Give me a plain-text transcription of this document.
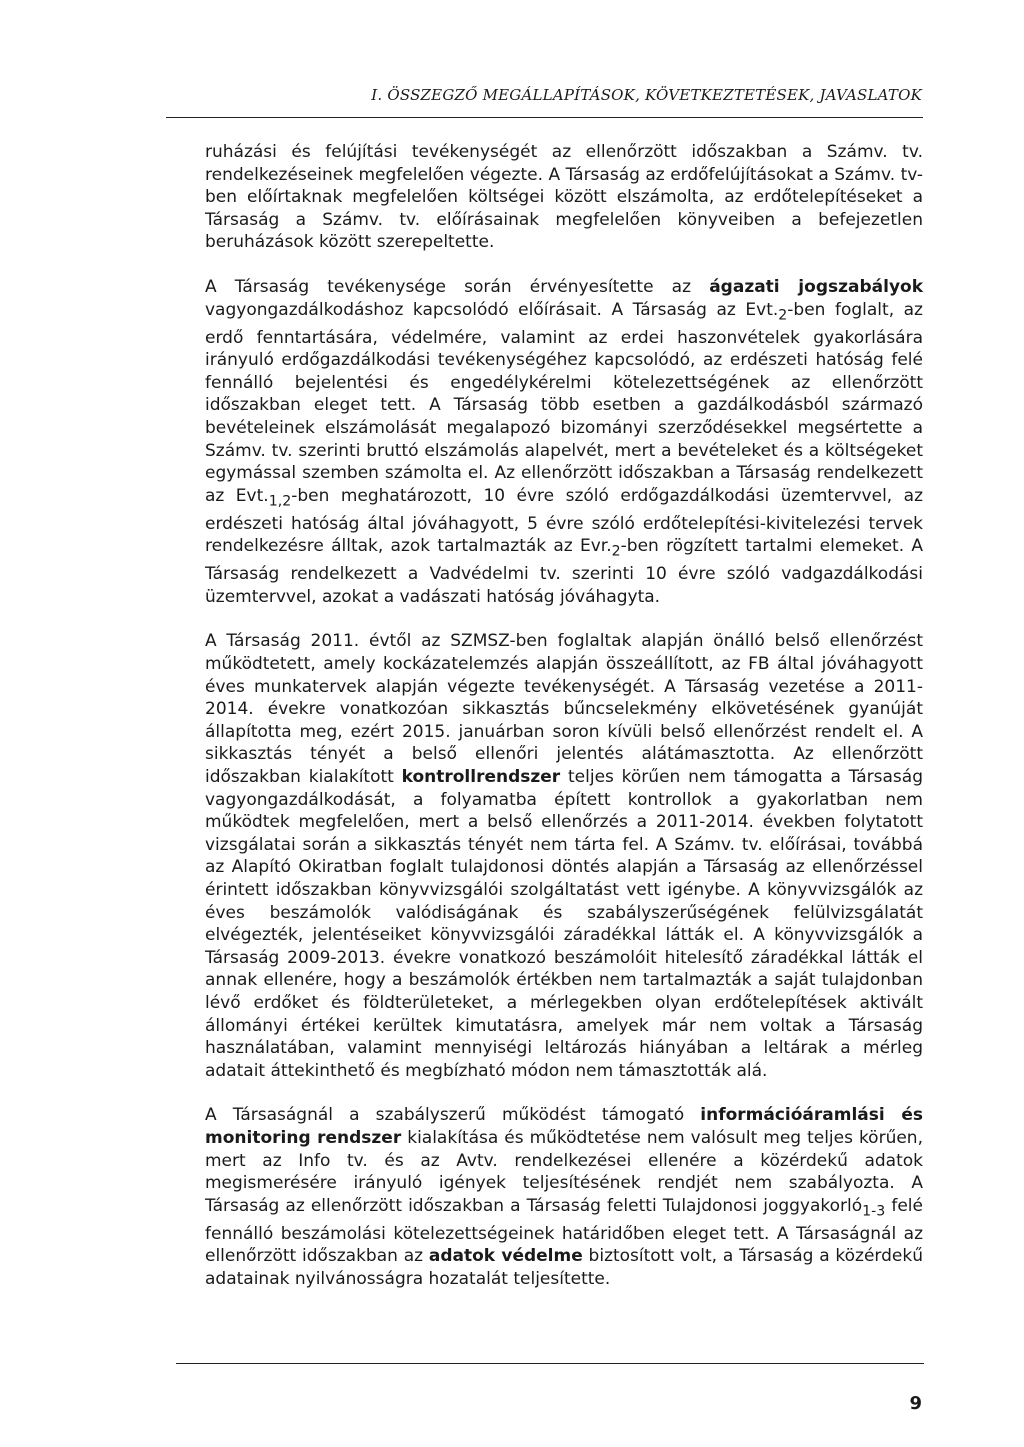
I. ÖSSZEGZŐ MEGÁLLAPÍTÁSOK, KÖVETKEZTETÉSEK, JAVASLATOK

ruházási és felújítási tevékenységét az ellenőrzött időszakban a Számv. tv. rendelkezéseinek megfelelően végezte. A Társaság az erdőfelújításokat a Számv. tv-ben előírtaknak megfelelően költségei között elszámolta, az erdőtelepítéseket a Társaság a Számv. tv. előírásainak megfelelően könyveiben a befejezetlen beruházások között szerepeltette.

A Társaság tevékenysége során érvényesítette az ágazati jogszabályok vagyongazdálkodáshoz kapcsolódó előírásait. A Társaság az $Evt._2$-ben foglalt, az erdő fenntartására, védelmére, valamint az erdei haszonvételek gyakorlására irányuló erdőgazdálkodási tevékenységéhez kapcsolódó, az erdészeti hatóság felé fennálló bejelentési és engedélykérelmi kötelezettségének az ellenőrzött időszakban eleget tett. A Társaság több esetben a gazdálkodásból származó bevételeinek elszámolását megalapozó bizományi szerződésekkel megsértette a Számv. tv. szerinti bruttó elszámolás alapelvét, mert a bevételeket és a költségeket egymással szemben számolta el. Az ellenőrzött időszakban a Társaság rendelkezett az $Evt._{1,2}$-ben meghatározott, 10 évre szóló erdőgazdálkodási üzemtervvel, az erdészeti hatóság által jóváhagyott, 5 évre szóló erdőtelepítési-kivitelezési tervek rendelkezésre álltak, azok tartalmazták az $Evr._2$-ben rögzített tartalmi elemeket. A Társaság rendelkezett a Vadvédelmi tv. szerinti 10 évre szóló vadgazdálkodási üzemtervvel, azokat a vadászati hatóság jóváhagyta.

A Társaság 2011. évtől az SZMSZ-ben foglaltak alapján önálló belső ellenőrzést működtetett, amely kockázatelemzés alapján összeállított, az FB által jóváhagyott éves munkatervek alapján végezte tevékenységét. A Társaság vezetése a 2011-2014. évekre vonatkozóan sikkasztás bűncselekmény elkövetésének gyanúját állapította meg, ezért 2015. januárban soron kívüli belső ellenőrzést rendelt el. A sikkasztás tényét a belső ellenőri jelentés alátámasztotta. Az ellenőrzött időszakban kialakított kontrollrendszer teljes körűen nem támogatta a Társaság vagyongazdálkodását, a folyamatba épített kontrollok a gyakorlatban nem működtek megfelelően, mert a belső ellenőrzés a 2011-2014. években folytatott vizsgálatai során a sikkasztás tényét nem tárta fel. A Számv. tv. előírásai, továbbá az Alapító Okiratban foglalt tulajdonosi döntés alapján a Társaság az ellenőrzéssel érintett időszakban könyvvizsgálói szolgáltatást vett igénybe. A könyvvizsgálók az éves beszámolók valódiságának és szabályszerűségének felülvizsgálatát elvégezték, jelentéseiket könyvvizsgálói záradékkal látták el. A könyvvizsgálók a Társaság 2009-2013. évekre vonatkozó beszámolóit hitelesítő záradékkal látták el annak ellenére, hogy a beszámolók értékben nem tartalmazták a saját tulajdonban lévő erdőket és földterületeket, a mérlegekben olyan erdőtelepítések aktivált állományi értékei kerültek kimutatásra, amelyek már nem voltak a Társaság használatában, valamint mennyiségi leltározás hiányában a leltárak a mérleg adatait áttekinthető és megbízható módon nem támasztották alá.

A Társaságnál a szabályszerű működést támogató információáramlási és monitoring rendszer kialakítása és működtetése nem valósult meg teljes körűen, mert az Info tv. és az Avtv. rendelkezései ellenére a közérdekű adatok megismerésére irányuló igények teljesítésének rendjét nem szabályozta. A Társaság az ellenőrzött időszakban a Társaság feletti Tulajdonosi joggyakorló$_{1-3}$ felé fennálló beszámolási kötelezettségeinek határidőben eleget tett. A Társaságnál az ellenőrzött időszakban az adatok védelme biztosított volt, a Társaság a közérdekű adatainak nyilvánosságra hozatalát teljesítette.

9
